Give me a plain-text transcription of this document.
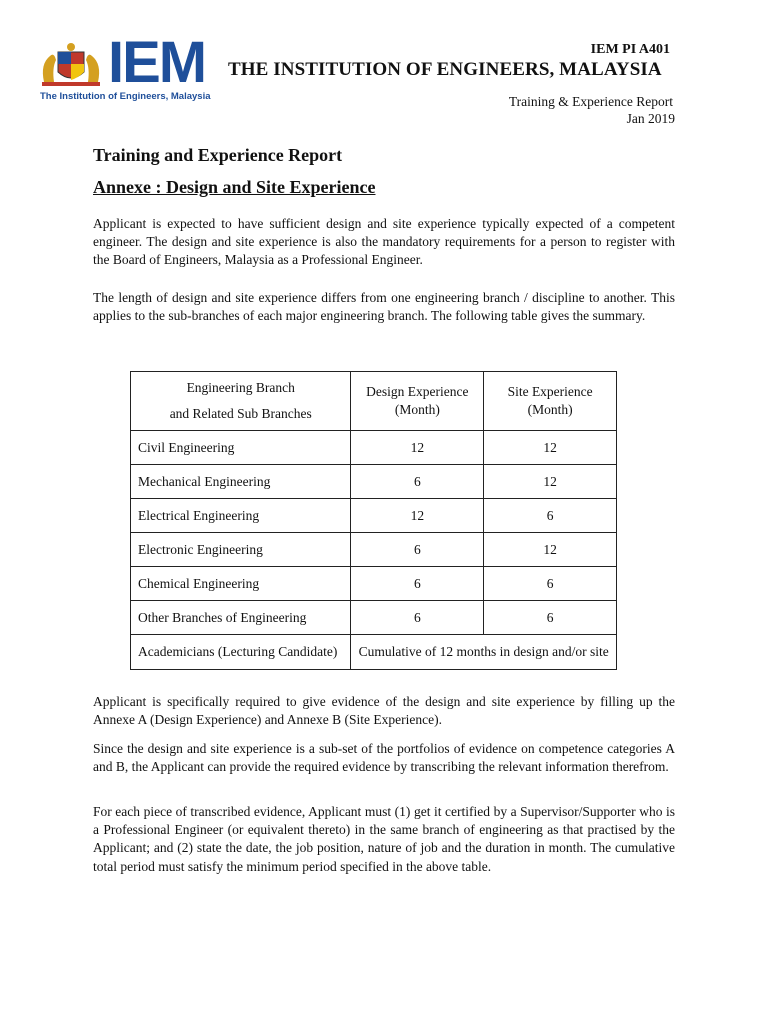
IEM
The Institution of Engineers, Malaysia
IEM PI A401
THE INSTITUTION OF ENGINEERS, MALAYSIA
Training & Experience Report
Jan 2019
Training and Experience Report
Annexe : Design and Site Experience

Applicant is expected to have sufficient design and site experience typically expected of a competent engineer. The design and site experience is also the mandatory requirements for a person to register with the Board of Engineers, Malaysia as a Professional Engineer.

The length of design and site experience differs from one engineering branch / discipline to another. This applies to the sub-branches of each major engineering branch. The following table gives the summary.

Engineering Branch
and Related Sub Branches	Design Experience (Month)	Site Experience (Month)
Civil Engineering	12	12
Mechanical Engineering	6	12
Electrical Engineering	12	6
Electronic Engineering	6	12
Chemical Engineering	6	6
Other Branches of Engineering	6	6
Academicians (Lecturing Candidate)	Cumulative of 12 months in design and/or site	

Applicant is specifically required to give evidence of the design and site experience by filling up the Annexe A (Design Experience) and Annexe B (Site Experience).

Since the design and site experience is a sub-set of the portfolios of evidence on competence categories A and B, the Applicant can provide the required evidence by transcribing the relevant information therefrom.

For each piece of transcribed evidence, Applicant must (1) get it certified by a Supervisor/Supporter who is a Professional Engineer (or equivalent thereto) in the same branch of engineering as that practised by the Applicant; and (2) state the date, the job position, nature of job and the duration in month. The cumulative total period must satisfy the minimum period specified in the above table.
